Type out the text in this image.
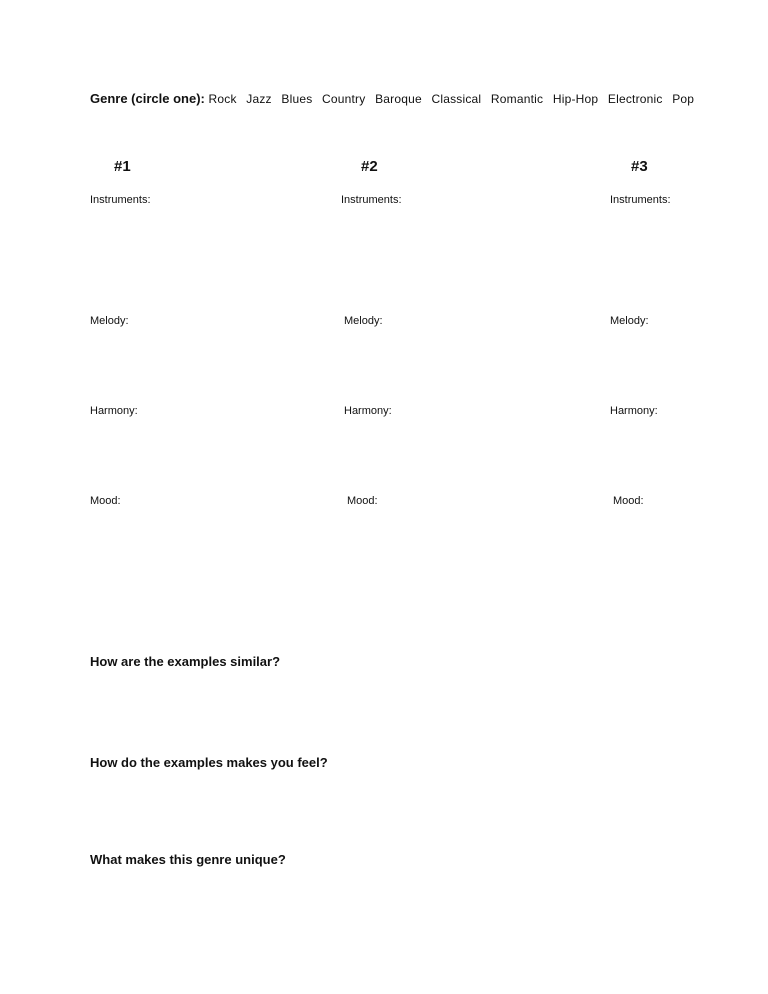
Genre (circle one): Rock Jazz Blues Country Baroque Classical Romantic Hip-Hop Electronic Pop
#1
Instruments:
Melody:
Harmony:
Mood:
#2
Instruments:
Melody:
Harmony:
Mood:
#3
Instruments:
Melody:
Harmony:
Mood:
How are the examples similar?
How do the examples makes you feel?
What makes this genre unique?
